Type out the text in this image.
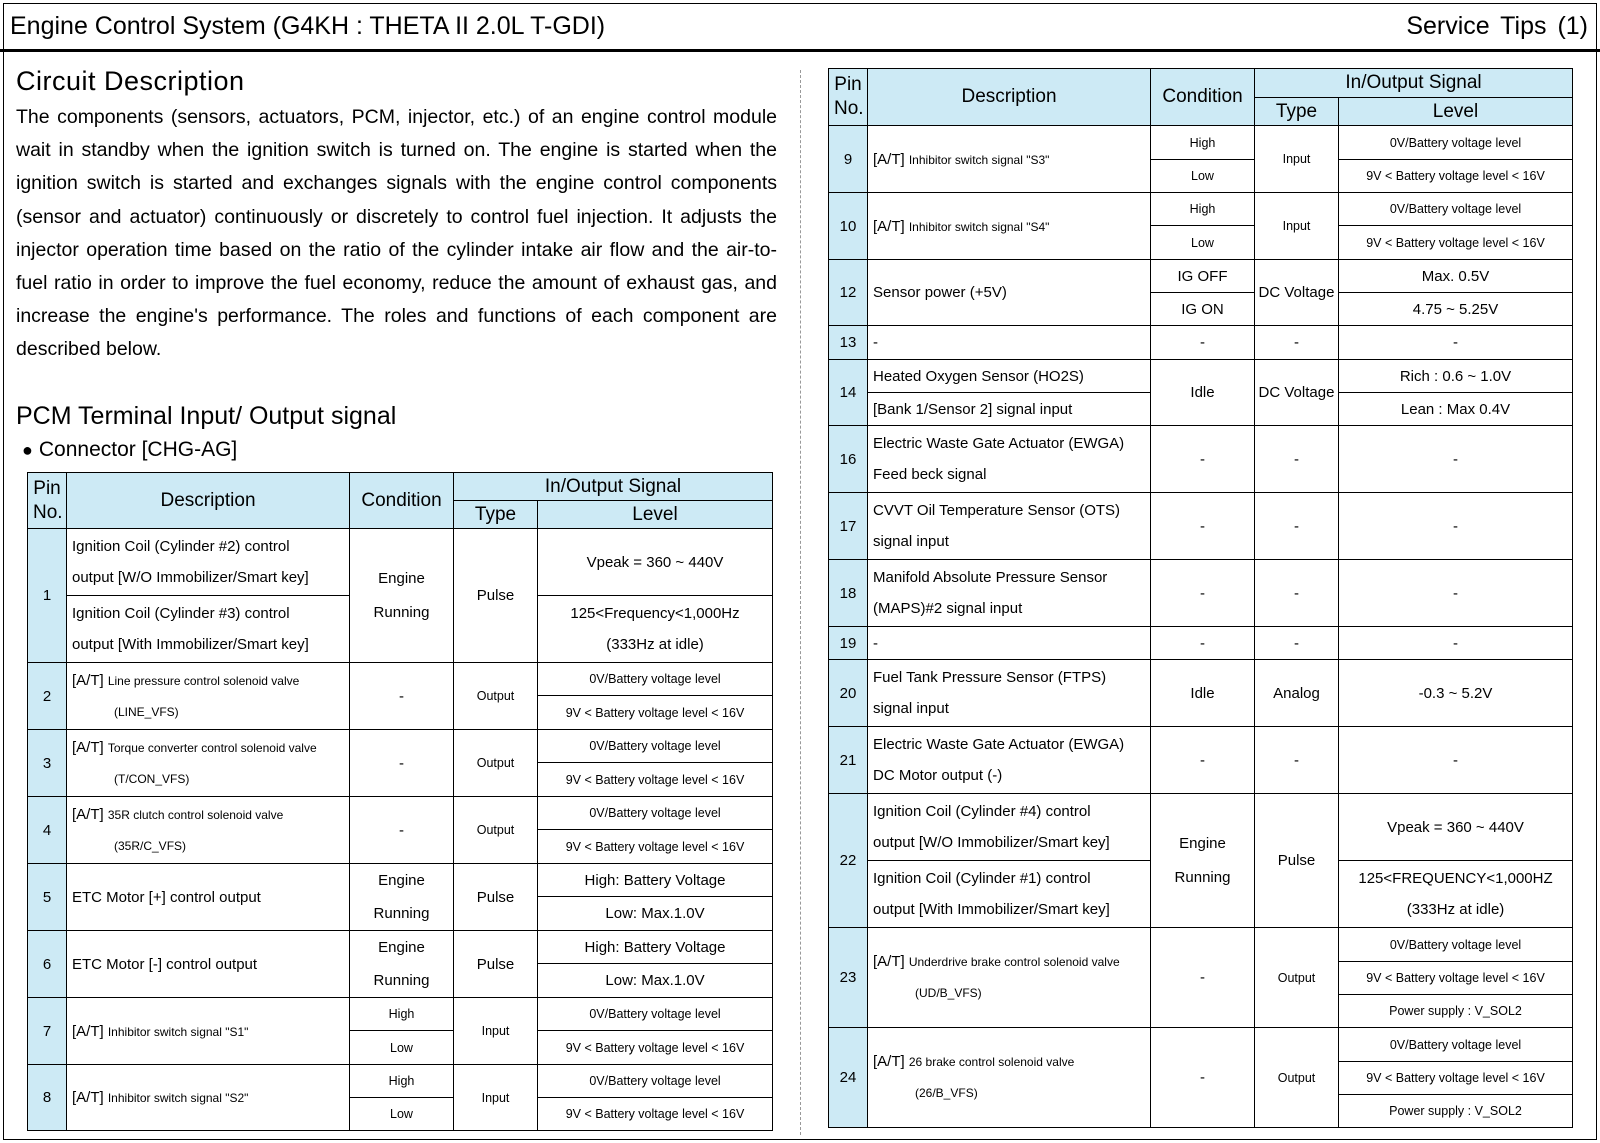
Engine Control System (G4KH : THETA II 2.0L T-GDI)	Service Tips (1)
Circuit Description
The components (sensors, actuators, PCM, injector, etc.) of an engine control module wait in standby when the ignition switch is turned on. The engine is started when the ignition switch is started and exchanges signals with the engine control components (sensor and actuator) continuously or discretely to control fuel injection. It adjusts the injector operation time based on the ratio of the cylinder intake air flow and the air-to-fuel ratio in order to improve the fuel economy, reduce the amount of exhaust gas, and increase the engine's performance. The roles and functions of each component are described below.
PCM Terminal Input/ Output signal
● Connector [CHG-AG]
Pin No.	Description	Condition	In/Output Signal	
			Type	Level
1	Ignition Coil (Cylinder #2) control
output [W/O Immobilizer/Smart key]	Engine
Running	Pulse	Vpeak = 360 ~ 440V

	Ignition Coil (Cylinder #3) control
output [With Immobilizer/Smart key]			125<Frequency<1,000Hz
(333Hz at idle)

2	[A/T] Line pressure control solenoid valve
(LINE_VFS)	-	Output	0V/Battery voltage level
				9V < Battery voltage level < 16V
3	[A/T] Torque converter control solenoid valve
(T/CON_VFS)	-	Output	0V/Battery voltage level
				9V < Battery voltage level < 16V
4	[A/T] 35R clutch control solenoid valve
(35R/C_VFS)	-	Output	0V/Battery voltage level
				9V < Battery voltage level < 16V
5	ETC Motor [+] control output	Engine
Running	Pulse	High: Battery Voltage
				Low: Max.1.0V
6	ETC Motor [-] control output	Engine
Running	Pulse	High: Battery Voltage
				Low: Max.1.0V
7	[A/T] Inhibitor switch signal "S1"	High	Input	0V/Battery voltage level
		Low		9V < Battery voltage level < 16V
8	[A/T] Inhibitor switch signal "S2"	High	Input	0V/Battery voltage level
		Low		9V < Battery voltage level < 16V
Pin No.	Description	Condition	In/Output Signal	
			Type	Level
9	[A/T] Inhibitor switch signal "S3"	High	Input	0V/Battery voltage level
		Low		9V < Battery voltage level < 16V
10	[A/T] Inhibitor switch signal "S4"	High	Input	0V/Battery voltage level
		Low		9V < Battery voltage level < 16V
12	Sensor power (+5V)	IG OFF	DC Voltage	Max. 0.5V
		IG ON		4.75 ~ 5.25V
13	-	-	-	-
14	Heated Oxygen Sensor (HO2S)	Idle	DC Voltage	Rich : 0.6 ~ 1.0V
	[Bank 1/Sensor 2] signal input			Lean : Max 0.4V
16	Electric Waste Gate Actuator (EWGA)
Feed beck signal	-	-	-
17	CVVT Oil Temperature Sensor (OTS)
signal input	-	-	-
18	Manifold Absolute Pressure Sensor
(MAPS)#2 signal input	-	-	-
19	-	-	-	-
20	Fuel Tank Pressure Sensor (FTPS)
signal input	Idle	Analog	-0.3 ~ 5.2V
21	Electric Waste Gate Actuator (EWGA)
DC Motor output (-)	-	-	-
22	Ignition Coil (Cylinder #4) control
output [W/O Immobilizer/Smart key]	Engine
Running	Pulse	Vpeak = 360 ~ 440V

	Ignition Coil (Cylinder #1) control
output [With Immobilizer/Smart key]			125<FREQUENCY<1,000HZ
(333Hz at idle)

23	[A/T] Underdrive brake control solenoid valve
(UD/B_VFS)	-	Output	0V/Battery voltage level
				9V < Battery voltage level < 16V
				Power supply : V_SOL2
24	[A/T] 26 brake control solenoid valve
(26/B_VFS)	-	Output	0V/Battery voltage level
				9V < Battery voltage level < 16V
				Power supply : V_SOL2
